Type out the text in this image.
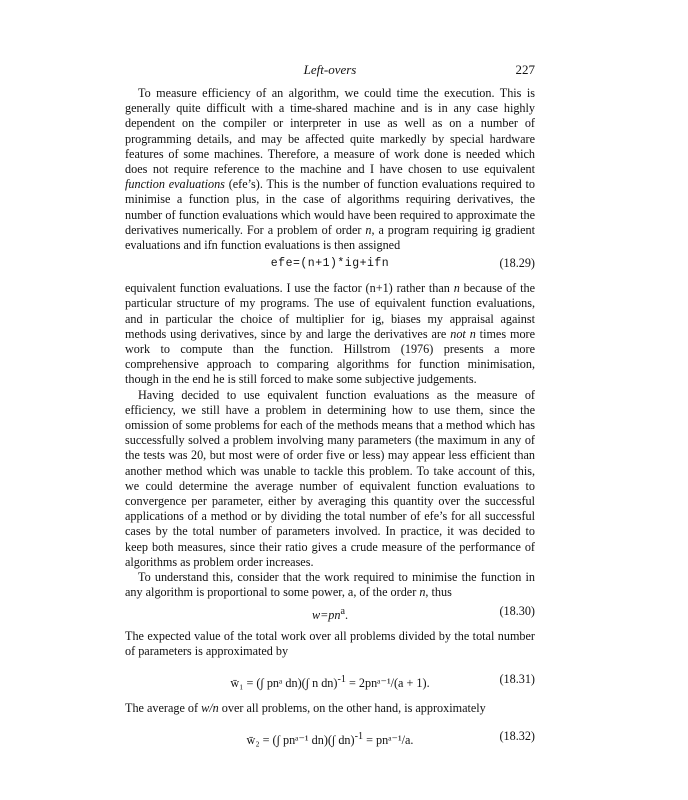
Left-overs	227

To measure efficiency of an algorithm, we could time the execution. This is generally quite difficult with a time-shared machine and is in any case highly dependent on the compiler or interpreter in use as well as on a number of programming details, and may be affected quite markedly by special hardware features of some machines. Therefore, a measure of work done is needed which does not require reference to the machine and I have chosen to use equivalent function evaluations (efe’s). This is the number of function evaluations required to minimise a function plus, in the case of algorithms requiring derivatives, the number of function evaluations which would have been required to approximate the derivatives numerically. For a problem of order n, a program requiring ig gradient evaluations and ifn function evaluations is then assigned

efe=(n+1)*ig+ifn	(18.29)

equivalent function evaluations. I use the factor (n+1) rather than n because of the particular structure of my programs. The use of equivalent function evaluations, and in particular the choice of multiplier for ig, biases my appraisal against methods using derivatives, since by and large the derivatives are not n times more work to compute than the function. Hillstrom (1976) presents a more comprehensive approach to comparing algorithms for function minimisation, though in the end he is still forced to make some subjective judgements.

Having decided to use equivalent function evaluations as the measure of efficiency, we still have a problem in determining how to use them, since the omission of some problems for each of the methods means that a method which has successfully solved a problem involving many parameters (the maximum in any of the tests was 20, but most were of order five or less) may appear less efficient than another method which was unable to tackle this problem. To take account of this, we could determine the average number of equivalent function evaluations to convergence per parameter, either by averaging this quantity over the successful applications of a method or by dividing the total number of efe’s for all successful cases by the total number of parameters involved. In practice, it was decided to keep both measures, since their ratio gives a crude measure of the performance of algorithms as problem order increases.

To understand this, consider that the work required to minimise the function in any algorithm is proportional to some power, a, of the order n, thus

$w=pn^a$.	(18.30)

The expected value of the total work over all problems divided by the total number of parameters is approximated by

w̄₁ = (∫ pnᵃ dn)(∫ n dn)$^{-1}$ = 2pnᵃ⁻¹/(a + 1).	(18.31)

The average of w/n over all problems, on the other hand, is approximately

w̄₂ = (∫ pnᵃ⁻¹ dn)(∫ dn)$^{-1}$ = pnᵃ⁻¹/a.	(18.32)
